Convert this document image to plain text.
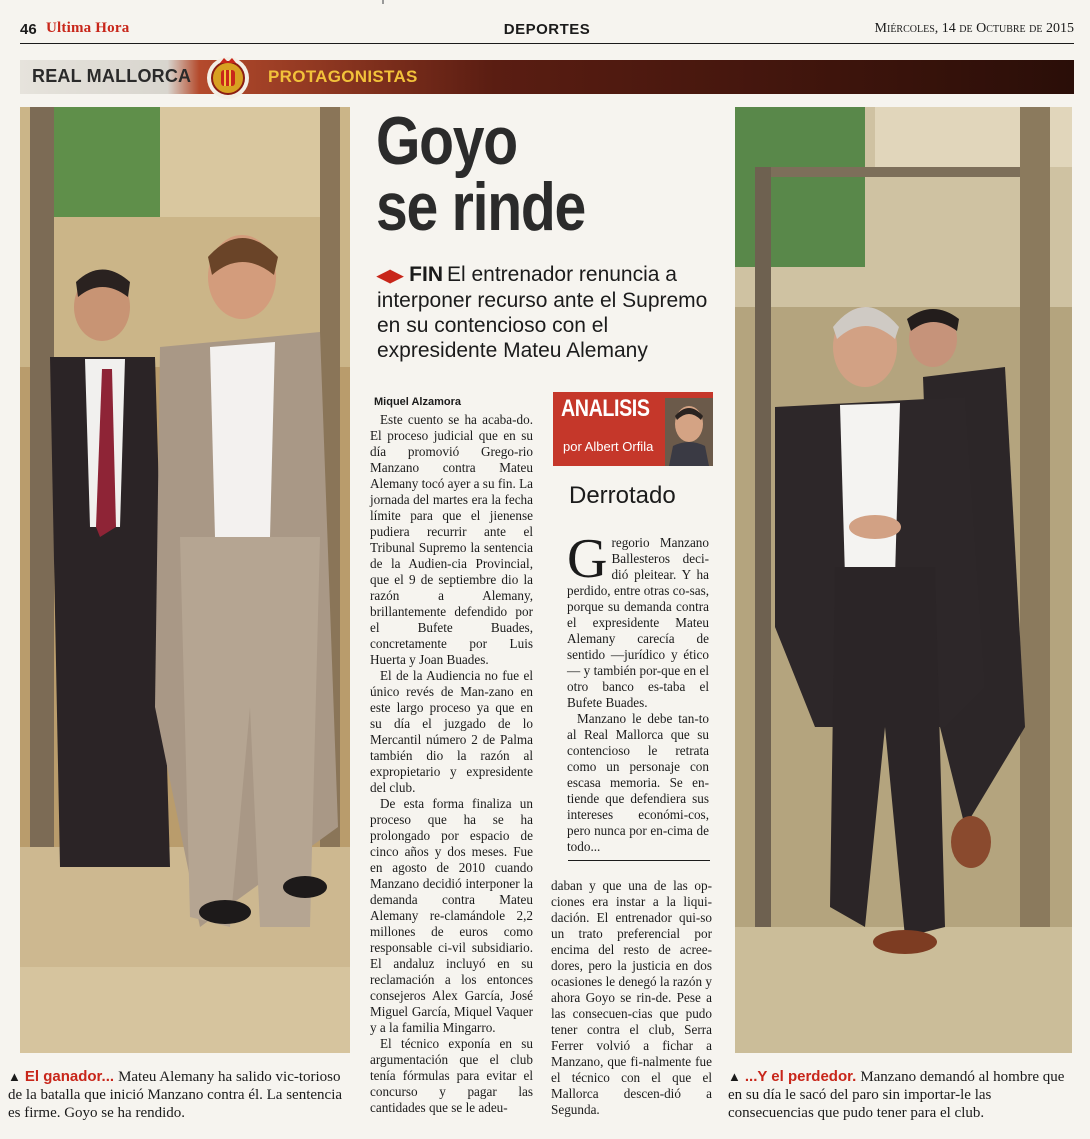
46 Ultima Hora	DEPORTES	Miércoles, 14 de Octubre de 2015
REAL MALLORCA	PROTAGONISTAS
Goyo
se rinde
◀▶ FIN El entrenador renuncia a interponer recurso ante el Supremo en su contencioso con el expresidente Mateu Alemany
Miquel Alzamora

Este cuento se ha acaba-do. El proceso judicial que en su día promovió Grego-rio Manzano contra Mateu Alemany tocó ayer a su fin. La jornada del martes era la fecha límite para que el jienense pudiera recurrir ante el Tribunal Supremo la sentencia de la Audien-cia Provincial, que el 9 de septiembre dio la razón a Alemany, brillantemente defendido por el Bufete Buades, concretamente por Luis Huerta y Joan Buades.

El de la Audiencia no fue el único revés de Man-zano en este largo proceso ya que en su día el juzgado de lo Mercantil número 2 de Palma también dio la razón al expropietario y expresidente del club.

De esta forma finaliza un proceso que ha se ha prolongado por espacio de cinco años y dos meses. Fue en agosto de 2010 cuando Manzano decidió interponer la demanda contra Mateu Alemany re-clamándole 2,2 millones de euros como responsable ci-vil subsidiario. El andaluz incluyó en su reclamación a los entonces consejeros Alex García, José Miguel García, Miquel Vaquer y a la familia Mingarro.

El técnico exponía en su argumentación que el club tenía fórmulas para evitar el concurso y pagar las cantidades que se le adeu-

ANALISIS
por Albert Orfila
Derrotado

Gregorio Manzano Ballesteros deci-dió pleitear. Y ha perdido, entre otras co-sas, porque su demanda contra el expresidente Mateu Alemany carecía de sentido —jurídico y ético— y también por-que en el otro banco es-taba el Bufete Buades.

Manzano le debe tan-to al Real Mallorca que su contencioso le retrata como un personaje con escasa memoria. Se en-tiende que defendiera sus intereses económi-cos, pero nunca por en-cima de todo...

daban y que una de las op-ciones era instar a la liqui-dación. El entrenador qui-so un trato preferencial por encima del resto de acree-dores, pero la justicia en dos ocasiones le denegó la razón y ahora Goyo se rin-de. Pese a las consecuen-cias que pudo tener contra el club, Serra Ferrer volvió a fichar a Manzano, que fi-nalmente fue el técnico con el que el Mallorca descen-dió a Segunda.

▲ El ganador... Mateu Alemany ha salido vic-torioso de la batalla que inició Manzano contra él. La sentencia es firme. Goyo se ha rendido.
▲ ...Y el perdedor. Manzano demandó al hombre que en su día le sacó del paro sin importar-le las consecuencias que pudo tener para el club.
